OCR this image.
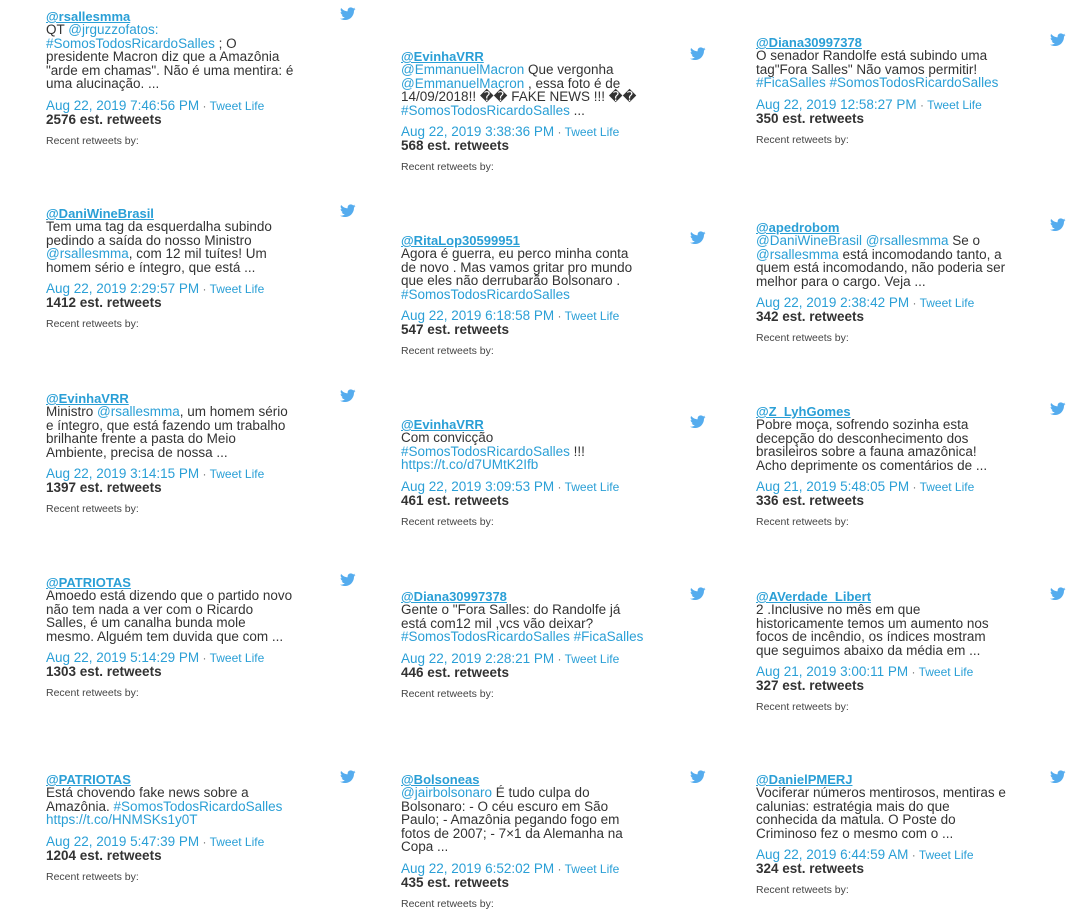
@rsallesmma

QT @jrguzzofatos: #SomosTodosRicardoSalles ; O presidente Macron diz que a Amazônia "arde em chamas". Não é uma mentira: é uma alucinação. ...

Aug 22, 2019 7:46:56 PM · Tweet Life
2576 est. retweets
Recent retweets by:
@DaniWineBrasil

Tem uma tag da esquerdalha subindo pedindo a saída do nosso Ministro @rsallesmma, com 12 mil tuítes! Um homem sério e íntegro, que está ...

Aug 22, 2019 2:29:57 PM · Tweet Life
1412 est. retweets
Recent retweets by:
@EvinhaVRR

Ministro @rsallesmma, um homem sério e íntegro, que está fazendo um trabalho brilhante frente a pasta do Meio Ambiente, precisa de nossa ...

Aug 22, 2019 3:14:15 PM · Tweet Life
1397 est. retweets
Recent retweets by:
@PATRIOTAS

Amoedo está dizendo que o partido novo não tem nada a ver com o Ricardo Salles, é um canalha bunda mole mesmo. Alguém tem duvida que com ...

Aug 22, 2019 5:14:29 PM · Tweet Life
1303 est. retweets
Recent retweets by:
@PATRIOTAS

Está chovendo fake news sobre a Amazônia. #SomosTodosRicardoSalles https://t.co/HNMSKs1y0T

Aug 22, 2019 5:47:39 PM · Tweet Life
1204 est. retweets
Recent retweets by:
@EvinhaVRR

@EmmanuelMacron Que vergonha @EmmanuelMacron , essa foto é de 14/09/2018!! �� FAKE NEWS !!! �� #SomosTodosRicardoSalles ...

Aug 22, 2019 3:38:36 PM · Tweet Life
568 est. retweets
Recent retweets by:
@RitaLop30599951

Agora é guerra, eu perco minha conta de novo . Mas vamos gritar pro mundo que eles não derrubarão Bolsonaro . #SomosTodosRicardoSalles

Aug 22, 2019 6:18:58 PM · Tweet Life
547 est. retweets
Recent retweets by:
@EvinhaVRR

Com convicção #SomosTodosRicardoSalles !!! https://t.co/d7UMtK2Ifb

Aug 22, 2019 3:09:53 PM · Tweet Life
461 est. retweets
Recent retweets by:
@Diana30997378

Gente o "Fora Salles: do Randolfe já está com12 mil ,vcs vão deixar? #SomosTodosRicardoSalles #FicaSalles

Aug 22, 2019 2:28:21 PM · Tweet Life
446 est. retweets
Recent retweets by:
@Bolsoneas

@jairbolsonaro É tudo culpa do Bolsonaro: - O céu escuro em São Paulo; - Amazônia pegando fogo em fotos de 2007; - 7×1 da Alemanha na Copa ...

Aug 22, 2019 6:52:02 PM · Tweet Life
435 est. retweets
Recent retweets by:
@Diana30997378

O senador Randolfe está subindo uma tag"Fora Salles" Não vamos permitir! #FicaSalles #SomosTodosRicardoSalles

Aug 22, 2019 12:58:27 PM · Tweet Life
350 est. retweets
Recent retweets by:
@apedrobom

@DaniWineBrasil @rsallesmma Se o @rsallesmma está incomodando tanto, a quem está incomodando, não poderia ser melhor para o cargo. Veja ...

Aug 22, 2019 2:38:42 PM · Tweet Life
342 est. retweets
Recent retweets by:
@Z_LyhGomes

Pobre moça, sofrendo sozinha esta decepção do desconhecimento dos brasileiros sobre a fauna amazônica! Acho deprimente os comentários de ...

Aug 21, 2019 5:48:05 PM · Tweet Life
336 est. retweets
Recent retweets by:
@AVerdade_Libert

2 .Inclusive no mês em que historicamente temos um aumento nos focos de incêndio, os índices mostram que seguimos abaixo da média em ...

Aug 21, 2019 3:00:11 PM · Tweet Life
327 est. retweets
Recent retweets by:
@DanielPMERJ

Vociferar números mentirosos, mentiras e calunias: estratégia mais do que conhecida da matula. O Poste do Criminoso fez o mesmo com o ...

Aug 22, 2019 6:44:59 AM · Tweet Life
324 est. retweets
Recent retweets by:
